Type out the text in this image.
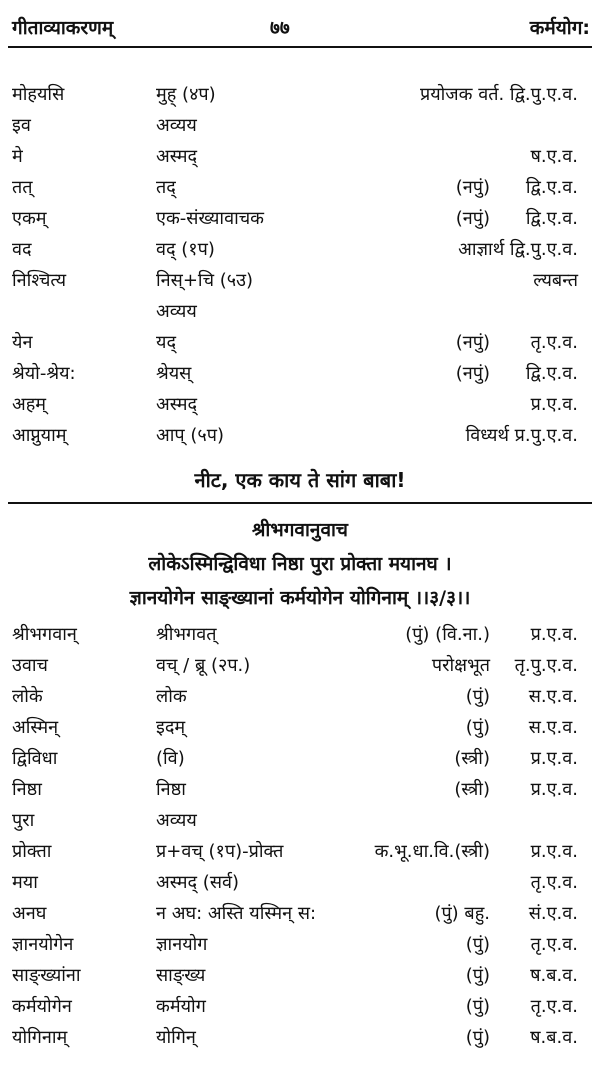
गीताव्याकरणम्	७७	कर्मयोग:
मोहयसि	मुह् (४प)	प्रयोजक वर्त. द्वि.पु.ए.व.
इव	अव्यय
मे	अस्मद्	ष.ए.व.
तत्	तद्	(नपुं) द्वि.ए.व.
एकम्	एक-संख्यावाचक	(नपुं) द्वि.ए.व.
वद	वद् (१प)	आज्ञार्थ द्वि.पु.ए.व.
निश्चित्य	निस्+चि (५उ)	ल्यबन्त
अव्यय
येन	यद्	(नपुं) तृ.ए.व.
श्रेयो-श्रेय:	श्रेयस्	(नपुं) द्वि.ए.व.
अहम्	अस्मद्	प्र.ए.व.
आप्नुयाम्	आप् (५प)	विध्यर्थ प्र.पु.ए.व.
नीट, एक काय ते सांग बाबा!
श्रीभगवानुवाच
लोकेऽस्मिन्द्विविधा निष्ठा पुरा प्रोक्ता मयानघ ।
ज्ञानयोगेन साङ्ख्यानां कर्मयोगेन योगिनाम् ।।३/३।।
श्रीभगवान्	श्रीभगवत्	(पुं) (वि.ना.) प्र.ए.व.
उवाच	वच् / ब्रू (२प.)	परोक्षभूत तृ.पु.ए.व.
लोके	लोक	(पुं) स.ए.व.
अस्मिन्	इदम्	(पुं) स.ए.व.
द्विविधा	(वि)	(स्त्री) प्र.ए.व.
निष्ठा	निष्ठा	(स्त्री) प्र.ए.व.
पुरा	अव्यय
प्रोक्ता	प्र+वच् (१प)-प्रोक्त	क.भू.धा.वि.(स्त्री) प्र.ए.व.
मया	अस्मद् (सर्व)	तृ.ए.व.
अनघ	न अघ: अस्ति यस्मिन् स:	(पुं) बहु. सं.ए.व.
ज्ञानयोगेन	ज्ञानयोग	(पुं) तृ.ए.व.
साङ्ख्यांना	साङ्ख्य	(पुं) ष.ब.व.
कर्मयोगेन	कर्मयोग	(पुं) तृ.ए.व.
योगिनाम्	योगिन्	(पुं) ष.ब.व.
